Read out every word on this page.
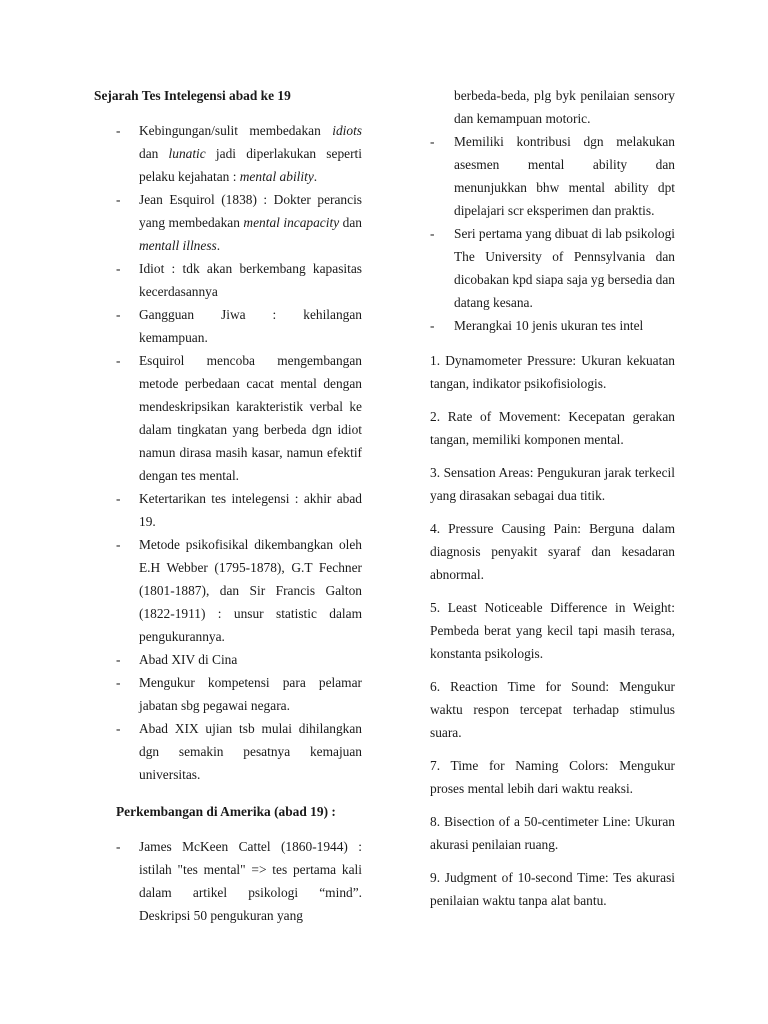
Sejarah Tes Intelegensi abad ke 19

- Kebingungan/sulit membedakan idiots dan lunatic jadi diperlakukan seperti pelaku kejahatan : mental ability.
- Jean Esquirol (1838) : Dokter perancis yang membedakan mental incapacity dan mentall illness.
- Idiot : tdk akan berkembang kapasitas kecerdasannya
- Gangguan Jiwa : kehilangan kemampuan.
- Esquirol mencoba mengembangan metode perbedaan cacat mental dengan mendeskripsikan karakteristik verbal ke dalam tingkatan yang berbeda dgn idiot namun dirasa masih kasar, namun efektif dengan tes mental.
- Ketertarikan tes intelegensi : akhir abad 19.
- Metode psikofisikal dikembangkan oleh E.H Webber (1795-1878), G.T Fechner (1801-1887), dan Sir Francis Galton (1822-1911) : unsur statistic dalam pengukurannya.
- Abad XIV di Cina
- Mengukur kompetensi para pelamar jabatan sbg pegawai negara.
- Abad XIX ujian tsb mulai dihilangkan dgn semakin pesatnya kemajuan universitas.

Perkembangan di Amerika (abad 19) :

- James McKeen Cattel (1860-1944) : istilah "tes mental" => tes pertama kali dalam artikel psikologi “mind”. Deskripsi 50 pengukuran yang

berbeda-beda, plg byk penilaian sensory dan kemampuan motoric.

- Memiliki kontribusi dgn melakukan asesmen mental ability dan menunjukkan bhw mental ability dpt dipelajari scr eksperimen dan praktis.
- Seri pertama yang dibuat di lab psikologi The University of Pennsylvania dan dicobakan kpd siapa saja yg bersedia dan datang kesana.
- Merangkai 10 jenis ukuran tes intel

1. Dynamometer Pressure: Ukuran kekuatan tangan, indikator psikofisiologis.

2. Rate of Movement: Kecepatan gerakan tangan, memiliki komponen mental.

3. Sensation Areas: Pengukuran jarak terkecil yang dirasakan sebagai dua titik.

4. Pressure Causing Pain: Berguna dalam diagnosis penyakit syaraf dan kesadaran abnormal.

5. Least Noticeable Difference in Weight: Pembeda berat yang kecil tapi masih terasa, konstanta psikologis.

6. Reaction Time for Sound: Mengukur waktu respon tercepat terhadap stimulus suara.

7. Time for Naming Colors: Mengukur proses mental lebih dari waktu reaksi.

8. Bisection of a 50-centimeter Line: Ukuran akurasi penilaian ruang.

9. Judgment of 10-second Time: Tes akurasi penilaian waktu tanpa alat bantu.
